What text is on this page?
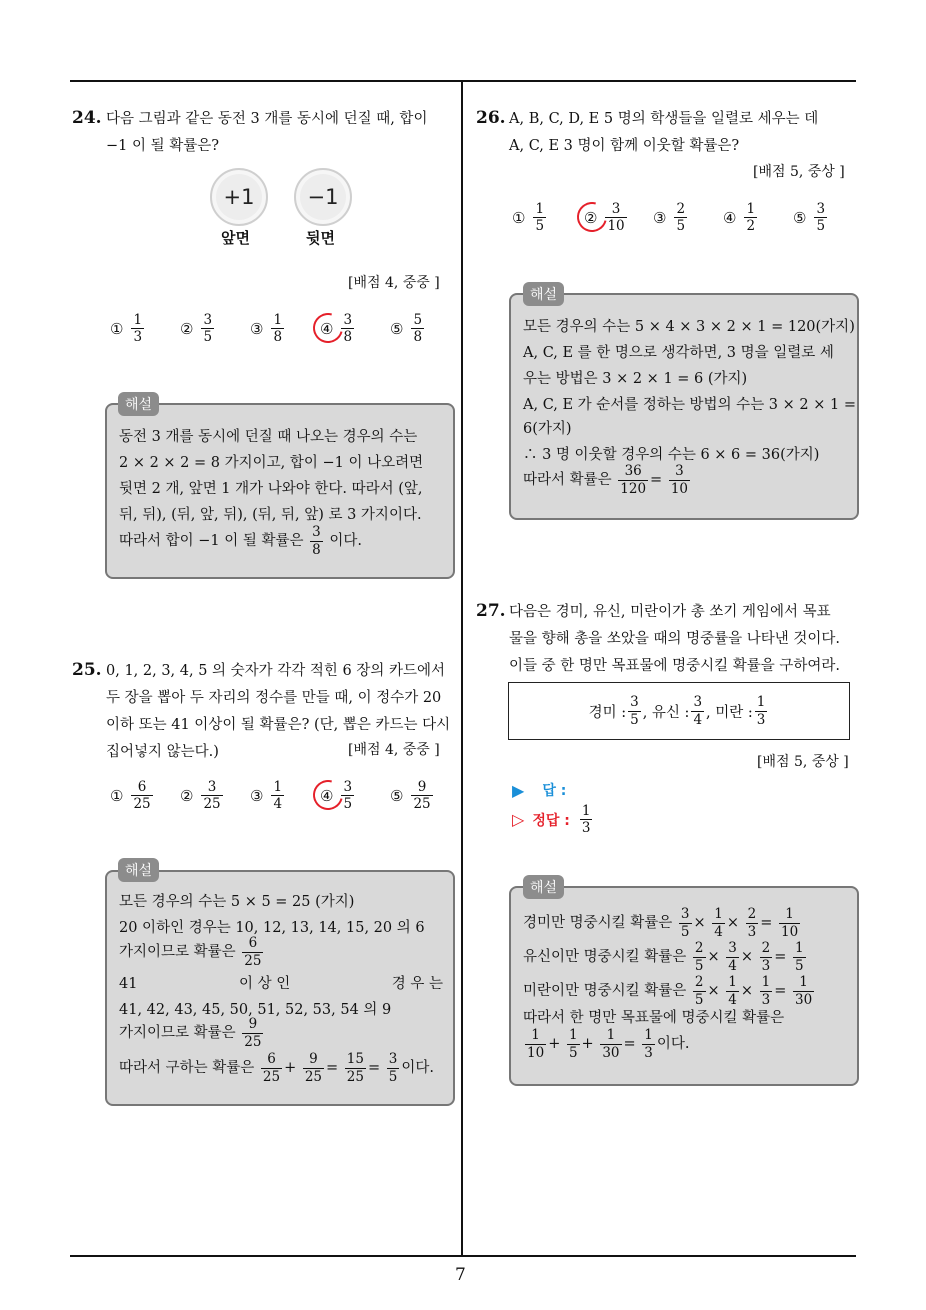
7
24. 다음 그림과 같은 동전 3 개를 동시에 던질 때, 합이
−1 이 될 확률은?
+1	−1
앞면	뒷면
[배점 4, 중중 ]
① $\frac{1}{3}$ ② $\frac{3}{5}$ ③ $\frac{1}{8}$ ④ $\frac{3}{8}$ ⑤ $\frac{5}{8}$
동전 3 개를 동시에 던질 때 나오는 경우의 수는
2 × 2 × 2 = 8 가지이고, 합이 −1 이 나오려면
뒷면 2 개, 앞면 1 개가 나와야 한다. 따라서 (앞,
뒤, 뒤), (뒤, 앞, 뒤), (뒤, 뒤, 앞) 로 3 가지이다.
따라서 합이 −1 이 될 확률은 $\frac{3}{8}$ 이다.
해설
25. 0, 1, 2, 3, 4, 5 의 숫자가 각각 적힌 6 장의 카드에서
두 장을 뽑아 두 자리의 정수를 만들 때, 이 정수가 20
이하 또는 41 이상이 될 확률은? (단, 뽑은 카드는 다시
집어넣지 않는다.)	[배점 4, 중중 ]
① $\frac{6}{25}$ ② $\frac{3}{25}$ ③ $\frac{1}{4}$ ④ $\frac{3}{5}$ ⑤ $\frac{9}{25}$
모든 경우의 수는 5 × 5 = 25 (가지)
20 이하인 경우는 10, 12, 13, 14, 15, 20 의 6
가지이므로 확률은 $\frac{6}{25}$
41	이 상 인	경 우 는
41, 42, 43, 45, 50, 51, 52, 53, 54 의 9
가지이므로 확률은 $\frac{9}{25}$
따라서 구하는 확률은 $\frac{6}{25} + \frac{9}{25} = \frac{15}{25} = \frac{3}{5}$ 이다.
해설
26. A, B, C, D, E 5 명의 학생들을 일렬로 세우는 데
A, C, E 3 명이 함께 이웃할 확률은?
[배점 5, 중상 ]
① $\frac{1}{5}$	② $\frac{3}{10}$ ③ $\frac{2}{5}$ ④ $\frac{1}{2}$ ⑤ $\frac{3}{5}$
모든 경우의 수는 5 × 4 × 3 × 2 × 1 = 120(가지)
A, C, E 를 한 명으로 생각하면, 3 명을 일렬로 세
우는 방법은 3 × 2 × 1 = 6 (가지)
A, C, E 가 순서를 정하는 방법의 수는 3 × 2 × 1 =
6(가지)
∴ 3 명 이웃할 경우의 수는 6 × 6 = 36(가지)
따라서 확률은 $\frac{36}{120} = \frac{3}{10}$
해설
27. 다음은 경미, 유신, 미란이가 총 쏘기 게임에서 목표
물을 향해 총을 쏘았을 때의 명중률을 나타낸 것이다.
이들 중 한 명만 목표물에 명중시킬 확률을 구하여라.
경미 : $\frac{3}{5}$ , 유신 : $\frac{3}{4}$ , 미란 : $\frac{1}{3}$
[배점 5, 중상 ]
▶ 답 :
▷ 정답 : $\frac{1}{3}$
경미만 명중시킬 확률은 $\frac{3}{5} \times \frac{1}{4} \times \frac{2}{3} = \frac{1}{10}$
유신이만 명중시킬 확률은 $\frac{2}{5} \times \frac{3}{4} \times \frac{2}{3} = \frac{1}{5}$
미란이만 명중시킬 확률은 $\frac{2}{5} \times \frac{1}{4} \times \frac{1}{3} = \frac{1}{30}$
따라서 한 명만 목표물에 명중시킬 확률은
$\frac{1}{10} + \frac{1}{5} + \frac{1}{30} = \frac{1}{3}$ 이다.
해설
